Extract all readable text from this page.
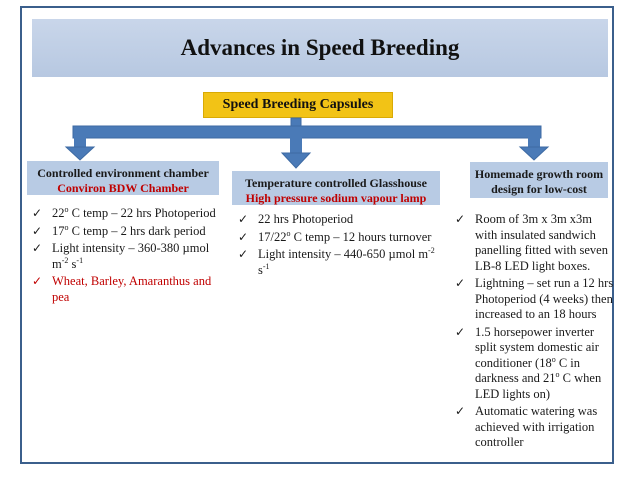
Advances in Speed Breeding
Speed Breeding Capsules
Controlled environment chamber
Conviron BDW Chamber
✓ 22$^o$ C temp – 22 hrs Photoperiod
✓ 17$^o$ C temp – 2 hrs dark period
✓ Light intensity – 360-380 µmol $m^{-2}$ $s^{-1}$
✓ Wheat, Barley, Amaranthus and pea
Temperature controlled Glasshouse
High pressure sodium vapour lamp
✓ 22 hrs Photoperiod
✓ 17/22$^o$ C temp – 12 hours turnover
✓ Light intensity – 440-650 µmol $m^{-2}$ $s^{-1}$
Homemade growth room design for low-cost
✓ Room of 3m x 3m x3m with insulated sandwich panelling fitted with seven LB-8 LED light boxes.
✓ Lightning – set run a 12 hrs Photoperiod (4 weeks) then increased to an 18 hours
✓ 1.5 horsepower inverter split system domestic air conditioner (18$^o$ C in darkness and 21$^o$ C when LED lights on)
✓ Automatic watering was achieved with irrigation controller
